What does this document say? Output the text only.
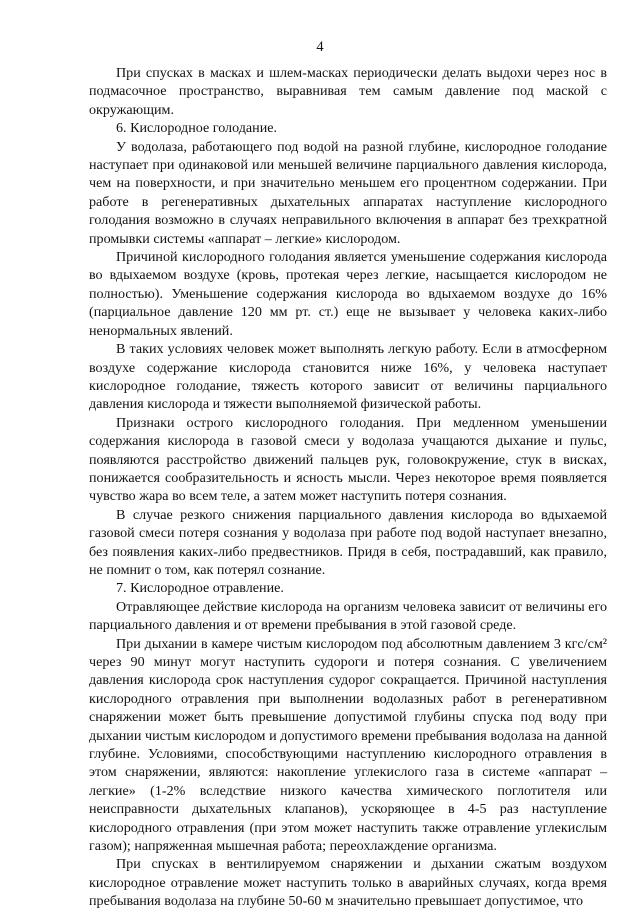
4

При спусках в масках и шлем-масках периодически делать выдохи через нос в подмасочное пространство, выравнивая тем самым давление под маской с окружающим.

6. Кислородное голодание.

У водолаза, работающего под водой на разной глубине, кислородное голодание наступает при одинаковой или меньшей величине парциального давления кислорода, чем на поверхности, и при значительно меньшем его процентном содержании. При работе в регенеративных дыхательных аппаратах наступление кислородного голодания возможно в случаях неправильного включения в аппарат без трехкратной промывки системы «аппарат – легкие» кислородом.

Причиной кислородного голодания является уменьшение содержания кислорода во вдыхаемом воздухе (кровь, протекая через легкие, насыщается кислородом не полностью). Уменьшение содержания кислорода во вдыхаемом воздухе до 16% (парциальное давление 120 мм рт. ст.) еще не вызывает у человека каких-либо ненормальных явлений.

В таких условиях человек может выполнять легкую работу. Если в атмосферном воздухе содержание кислорода становится ниже 16%, у человека наступает кислородное голодание, тяжесть которого зависит от величины парциального давления кислорода и тяжести выполняемой физической работы.

Признаки острого кислородного голодания. При медленном уменьшении содержания кислорода в газовой смеси у водолаза учащаются дыхание и пульс, появляются расстройство движений пальцев рук, головокружение, стук в висках, понижается сообразительность и ясность мысли. Через некоторое время появляется чувство жара во всем теле, а затем может наступить потеря сознания.

В случае резкого снижения парциального давления кислорода во вдыхаемой газовой смеси потеря сознания у водолаза при работе под водой наступает внезапно, без появления каких-либо предвестников. Придя в себя, пострадавший, как правило, не помнит о том, как потерял сознание.

7. Кислородное отравление.

Отравляющее действие кислорода на организм человека зависит от величины его парциального давления и от времени пребывания в этой газовой среде.

При дыхании в камере чистым кислородом под абсолютным давлением 3 кгс/см² через 90 минут могут наступить судороги и потеря сознания. С увеличением давления кислорода срок наступления судорог сокращается. Причиной наступления кислородного отравления при выполнении водолазных работ в регенеративном снаряжении может быть превышение допустимой глубины спуска под воду при дыхании чистым кислородом и допустимого времени пребывания водолаза на данной глубине. Условиями, способствующими наступлению кислородного отравления в этом снаряжении, являются: накопление углекислого газа в системе «аппарат – легкие» (1-2% вследствие низкого качества химического поглотителя или неисправности дыхательных клапанов), ускоряющее в 4-5 раз наступление кислородного отравления (при этом может наступить также отравление углекислым газом); напряженная мышечная работа; переохлаждение организма.

При спусках в вентилируемом снаряжении и дыхании сжатым воздухом кислородное отравление может наступить только в аварийных случаях, когда время пребывания водолаза на глубине 50-60 м значительно превышает допустимое, что
